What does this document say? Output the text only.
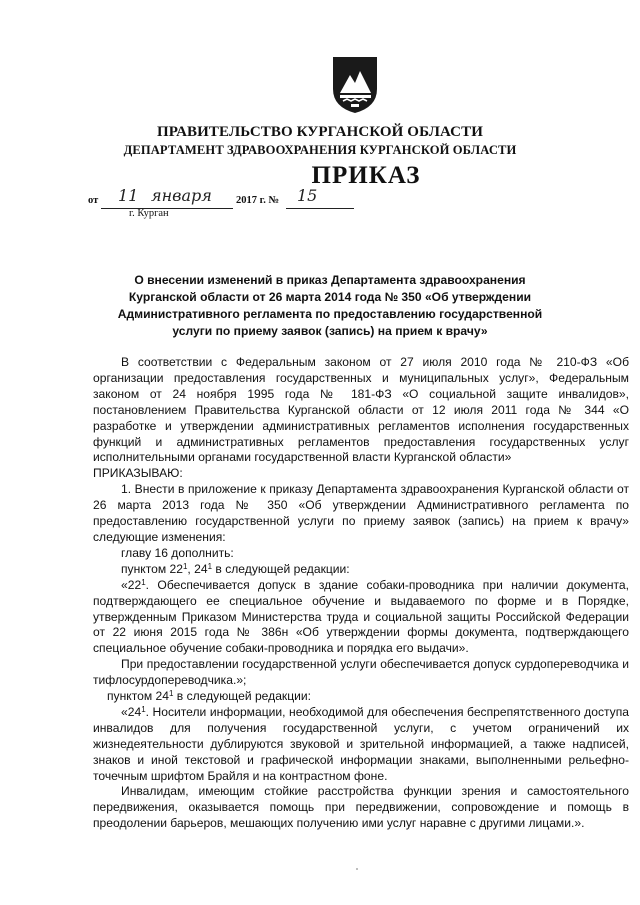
ПРАВИТЕЛЬСТВО КУРГАНСКОЙ ОБЛАСТИ
ДЕПАРТАМЕНТ ЗДРАВООХРАНЕНИЯ КУРГАНСКОЙ ОБЛАСТИ
ПРИКАЗ
от 11 января 2017 г. № 15
г. Курган
О внесении изменений в приказ Департамента здравоохранения Курганской области от 26 марта 2014 года № 350 «Об утверждении Административного регламента по предоставлению государственной услуги по приему заявок (запись) на прием к врачу»

В соответствии с Федеральным законом от 27 июля 2010 года № 210-ФЗ «Об организации предоставления государственных и муниципальных услуг», Федеральным законом от 24 ноября 1995 года № 181-ФЗ «О социальной защите инвалидов», постановлением Правительства Курганской области от 12 июля 2011 года № 344 «О разработке и утверждении административных регламентов исполнения государственных функций и административных регламентов предоставления государственных услуг исполнительными органами государственной власти Курганской области»

ПРИКАЗЫВАЮ:

1. Внести в приложение к приказу Департамента здравоохранения Курганской области от 26 марта 2013 года № 350 «Об утверждении Административного регламента по предоставлению государственной услуги по приему заявок (запись) на прием к врачу» следующие изменения:

главу 16 дополнить:

пунктом $22^1$, $24^1$ в следующей редакции:

«$22^1$. Обеспечивается допуск в здание собаки-проводника при наличии документа, подтверждающего ее специальное обучение и выдаваемого по форме и в Порядке, утвержденным Приказом Министерства труда и социальной защиты Российской Федерации от 22 июня 2015 года № 386н «Об утверждении формы документа, подтверждающего специальное обучение собаки-проводника и порядка его выдачи».

При предоставлении государственной услуги обеспечивается допуск сурдопереводчика и тифлосурдопереводчика.»;

пунктом $24^1$ в следующей редакции:

«$24^1$. Носители информации, необходимой для обеспечения беспрепятственного доступа инвалидов для получения государственной услуги, с учетом ограничений их жизнедеятельности дублируются звуковой и зрительной информацией, а также надписей, знаков и иной текстовой и графической информации знаками, выполненными рельефно-точечным шрифтом Брайля и на контрастном фоне.

Инвалидам, имеющим стойкие расстройства функции зрения и самостоятельного передвижения, оказывается помощь при передвижении, сопровождение и помощь в преодолении барьеров, мешающих получению ими услуг наравне с другими лицами.».
